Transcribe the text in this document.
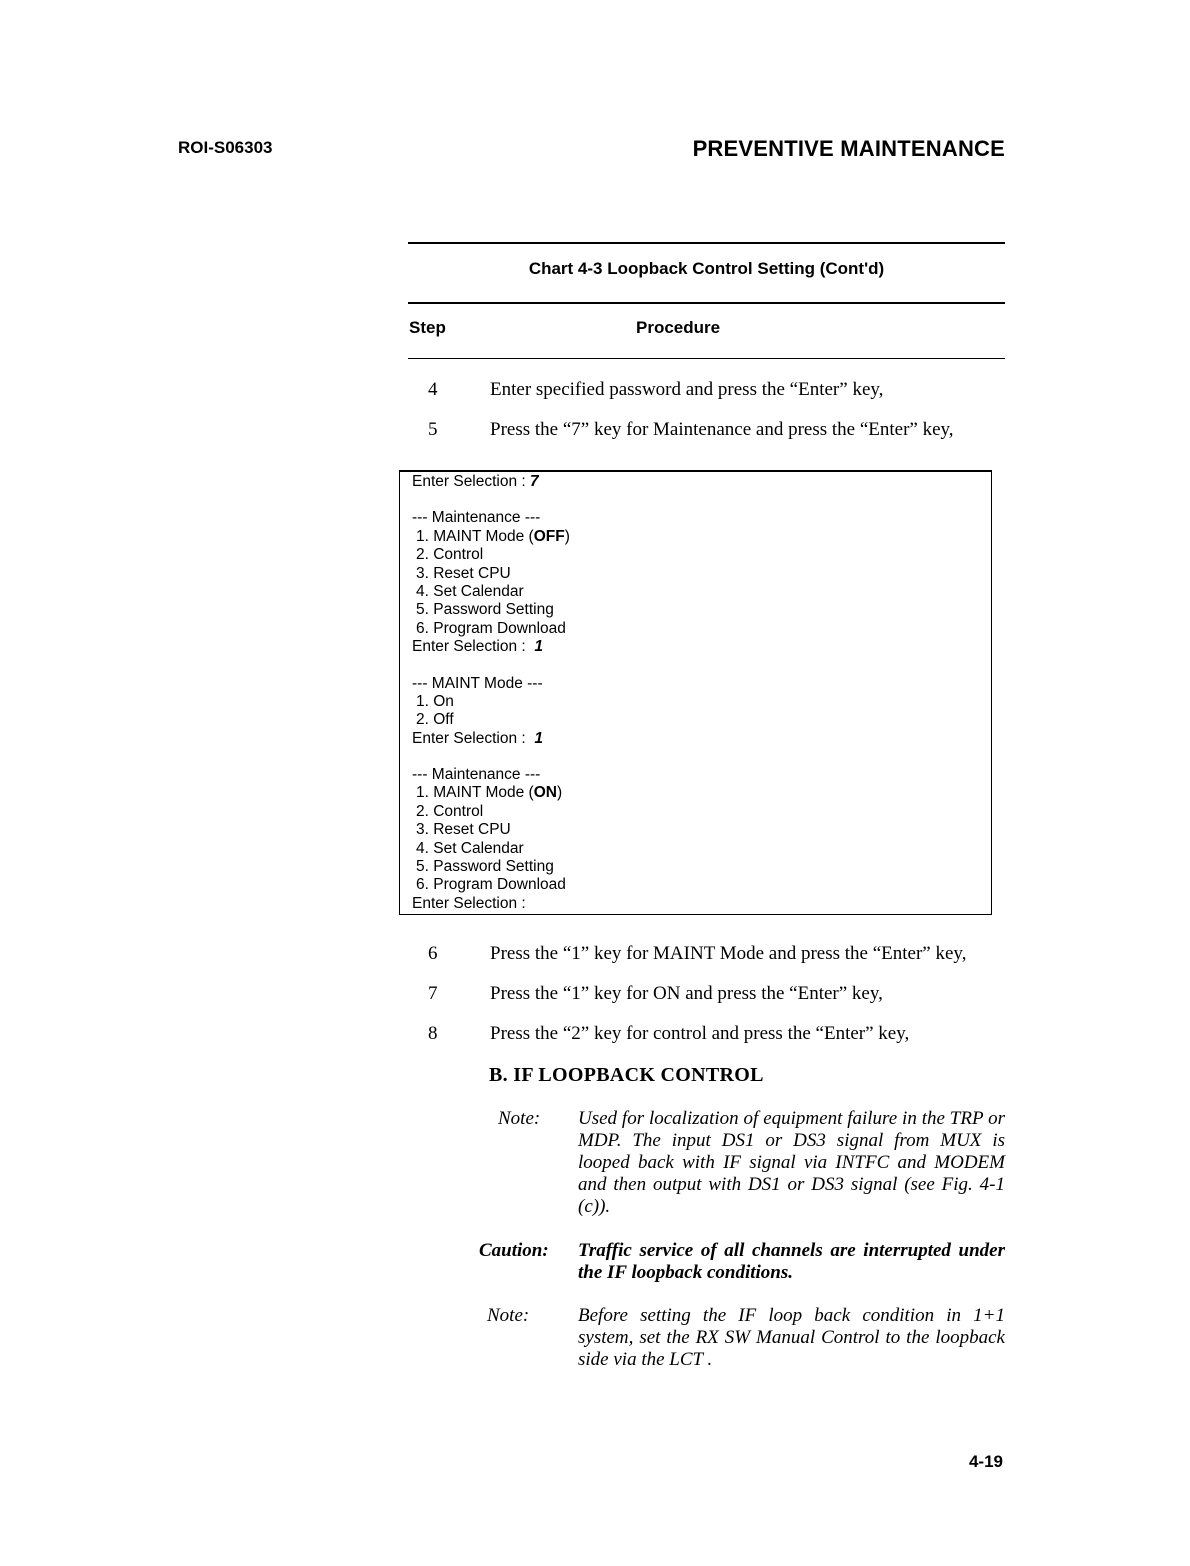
ROI-S06303	PREVENTIVE MAINTENANCE
Chart 4-3 Loopback Control Setting (Cont'd)
Step	Procedure
4	Enter specified password and press the “Enter” key,
5	Press the “7” key for Maintenance and press the “Enter” key,
Enter Selection : 7
--- Maintenance ---
1. MAINT Mode (OFF)
2. Control
3. Reset CPU
4. Set Calendar
5. Password Setting
6. Program Download
Enter Selection :  1
--- MAINT Mode ---
1. On
2. Off
Enter Selection :  1
--- Maintenance ---
1. MAINT Mode (ON)
2. Control
3. Reset CPU
4. Set Calendar
5. Password Setting
6. Program Download
Enter Selection :
6	Press the “1” key for MAINT Mode and press the “Enter” key,
7	Press the “1” key for ON and press the “Enter” key,
8	Press the “2” key for control and press the “Enter” key,
B. IF LOOPBACK CONTROL
Note: Used for localization of equipment failure in the TRP or MDP. The input DS1 or DS3 signal from MUX is looped back with IF signal via INTFC and MODEM and then output with DS1 or DS3 signal (see Fig. 4-1 (c)).
Caution: Traffic service of all channels are interrupted under the IF loopback conditions.
Note:	Before setting the IF loop back condition in 1+1 system, set the RX SW Manual Control to the loopback side via the LCT .
4-19
